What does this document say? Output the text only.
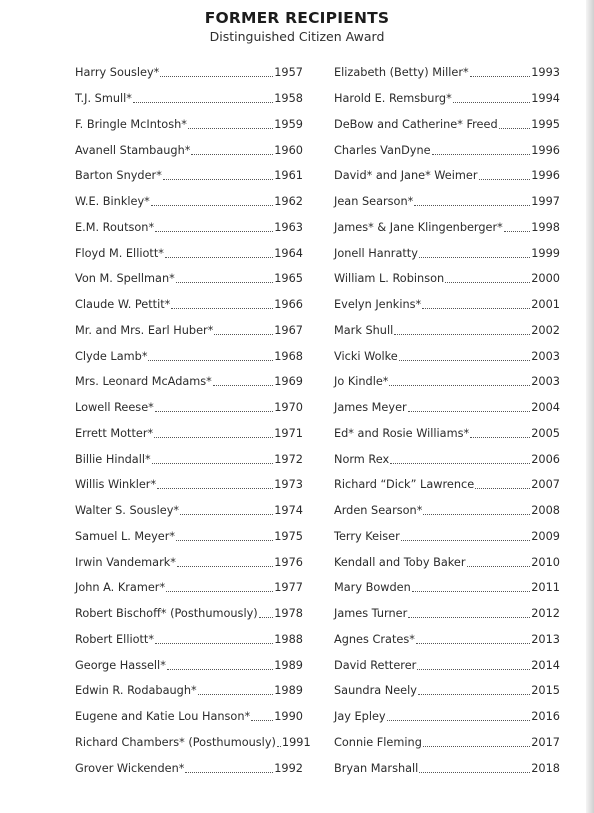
FORMER RECIPIENTS
Distinguished Citizen Award
Harry Sousley*	1957
T.J. Smull*	1958
F. Bringle McIntosh*	1959
Avanell Stambaugh*	1960
Barton Snyder*	1961
W.E. Binkley*	1962
E.M. Routson*	1963
Floyd M. Elliott*	1964
Von M. Spellman*	1965
Claude W. Pettit*	1966
Mr. and Mrs. Earl Huber*	1967
Clyde Lamb*	1968
Mrs. Leonard McAdams*	1969
Lowell Reese*	1970
Errett Motter*	1971
Billie Hindall*	1972
Willis Winkler*	1973
Walter S. Sousley*	1974
Samuel L. Meyer*	1975
Irwin Vandemark*	1976
John A. Kramer*	1977
Robert Bischoff* (Posthumously) 1978
Robert Elliott*	1988
George Hassell*	1989
Edwin R. Rodabaugh*	1989
Eugene and Katie Lou Hanson* 1990
Richard Chambers* (Posthumously) 1991
Grover Wickenden*	1992
Elizabeth (Betty) Miller*	1993
Harold E. Remsburg*	1994
DeBow and Catherine* Freed	1995
Charles VanDyne	1996
David* and Jane* Weimer	1996
Jean Searson*	1997
James* & Jane Klingenberger*	1998
Jonell Hanratty	1999
William L. Robinson	2000
Evelyn Jenkins*	2001
Mark Shull	2002
Vicki Wolke	2003
Jo Kindle*	2003
James Meyer	2004
Ed* and Rosie Williams*	2005
Norm Rex	2006
Richard “Dick” Lawrence	2007
Arden Searson*	2008
Terry Keiser	2009
Kendall and Toby Baker	2010
Mary Bowden	2011
James Turner	2012
Agnes Crates*	2013
David Retterer	2014
Saundra Neely	2015
Jay Epley	2016
Connie Fleming	2017
Bryan Marshall	2018
